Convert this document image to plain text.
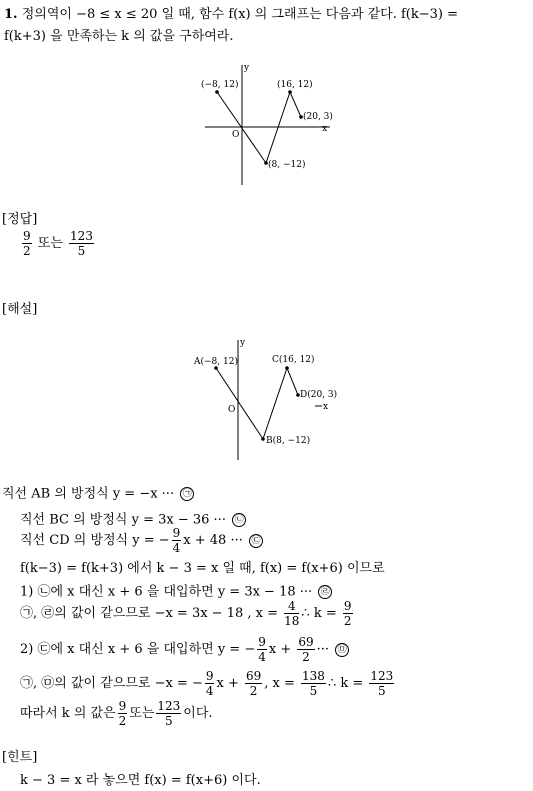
1. 정의역이 −8 ≤ x ≤ 20 일 때, 함수 f(x) 의 그래프는 다음과 같다. f(k−3) =
f(k+3) 을 만족하는 k 의 값을 구하여라.
y
x
O
(−8, 12)	(16, 12)
(20, 3)
(8, −12)
[정답]
$\frac{9}{2}$ 또는 $\frac{123}{5}$
[해설]
y
x
O
A(−8, 12)
B(8, −12)
C(16, 12)
D(20, 3)
직선 AB 의 방정식 y = −x ··· ㉠
직선 BC 의 방정식 y = 3x − 36 ··· ㉡
직선 CD 의 방정식 y = − $\frac{9}{4}$ x + 48 ··· ㉢
f(k−3) = f(k+3) 에서 k − 3 = x 일 때, f(x) = f(x+6) 이므로
1) ㉡에 x 대신 x + 6 을 대입하면 y = 3x − 18 ··· ㉣
㉠, ㉣의 값이 같으므로 −x = 3x − 18 , $x = \frac{4}{18}$ ∴ $k = \frac{9}{2}$
2) ㉢에 x 대신 x + 6 을 대입하면 y = − $\frac{9}{4}$ $x + \frac{69}{2}$ ··· ㉤
㉠, ㉤의 값이 같으므로 −x = − $\frac{9}{4}$ $x + \frac{69}{2}$ , $x = \frac{138}{5}$ ∴ $k = \frac{123}{5}$
따라서 k 의 값은 $\frac{9}{2}$ 또는 $\frac{123}{5}$ 이다.
[힌트]
k − 3 = x 라 놓으면 f(x) = f(x+6) 이다.
